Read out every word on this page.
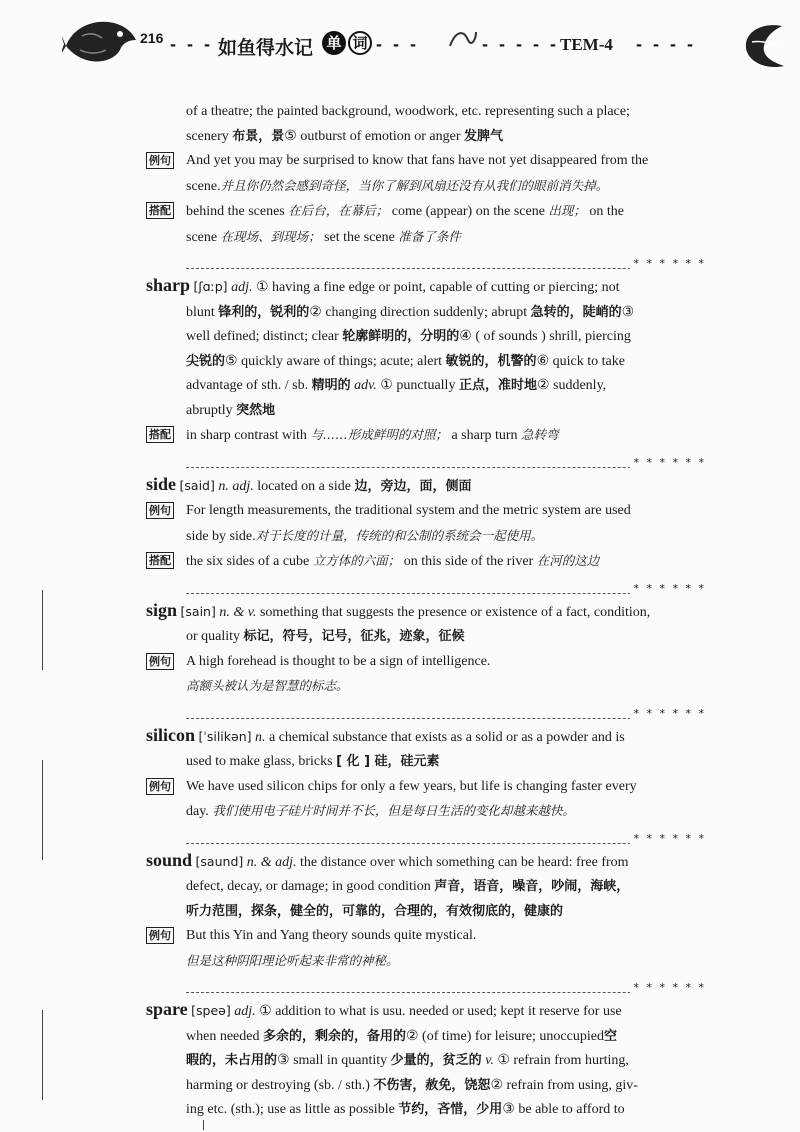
216 - - - 如鱼得水记 单 词 - - -	- - - - - TEM-4 - - - -
of a theatre; the painted background, woodwork, etc. representing such a place;
scenery 布景，景⑤ outburst of emotion or anger 发脾气
例句 And yet you may be surprised to know that fans have not yet disappeared from the
scene.并且你仍然会感到奇怪，当你了解到风扇还没有从我们的眼前消失掉。
搭配 behind the scenes 在后台，在幕后； come (appear) on the scene 出现； on the
scene 在现场、到现场； set the scene 准备了条件
* * * * * *
sharp [ʃɑːp] adj. ① having a fine edge or point, capable of cutting or piercing; not
blunt 锋利的，锐利的② changing direction suddenly; abrupt 急转的，陡峭的③
well defined; distinct; clear 轮廓鲜明的，分明的④ ( of sounds ) shrill, piercing
尖锐的⑤ quickly aware of things; acute; alert 敏锐的，机警的⑥ quick to take
advantage of sth. / sb. 精明的 adv. ① punctually 正点，准时地② suddenly,
abruptly 突然地
搭配 in sharp contrast with 与……形成鲜明的对照； a sharp turn 急转弯
* * * * * *
side [said] n. adj. located on a side 边，旁边，面，侧面
例句 For length measurements, the traditional system and the metric system are used
side by side.对于长度的计量，传统的和公制的系统会一起使用。
搭配 the six sides of a cube 立方体的六面； on this side of the river 在河的这边
* * * * * *
sign [sain] n. & v. something that suggests the presence or existence of a fact, condition,
or quality 标记，符号，记号，征兆，迹象，征候
例句 A high forehead is thought to be a sign of intelligence.
高额头被认为是智慧的标志。
* * * * * *
silicon [ˈsilikən] n. a chemical substance that exists as a solid or as a powder and is
used to make glass, bricks [ 化 ] 硅，硅元素
例句 We have used silicon chips for only a few years, but life is changing faster every
day. 我们使用电子硅片时间并不长，但是每日生活的变化却越来越快。
* * * * * *
sound [saund] n. & adj. the distance over which something can be heard: free from
defect, decay, or damage; in good condition 声音，语音，噪音，吵闹，海峡，
听力范围，探条，健全的，可靠的，合理的，有效彻底的，健康的
例句 But this Yin and Yang theory sounds quite mystical.
但是这种阴阳理论听起来非常的神秘。
* * * * * *
spare [speə] adj. ① addition to what is usu. needed or used; kept it reserve for use
when needed 多余的，剩余的，备用的② (of time) for leisure; unoccupied空
暇的，未占用的③ small in quantity 少量的，贫乏的 v. ① refrain from hurting,
harming or destroying (sb. / sth.) 不伤害，赦免，饶恕② refrain from using, giv-
ing etc. (sth.); use as little as possible 节约，吝惜，少用③ be able to afford to
